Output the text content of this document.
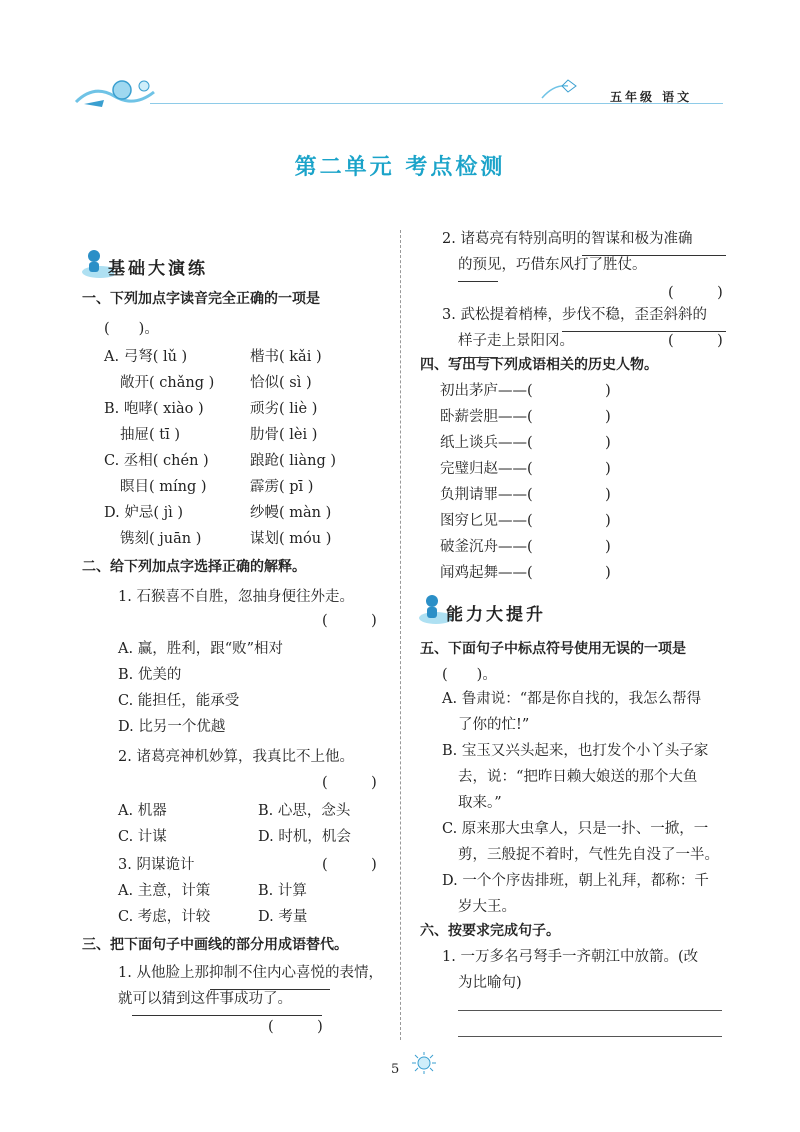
五年级 语文
第二单元 考点检测
基础大演练
能力大提升
一、下列加点字读音完全正确的一项是
(　　)。
A. 弓弩( lǔ )	楷书( kǎi )
敞开( chǎng ) 恰似( sì )
B. 咆哮( xiào )	顽劣( liè )
抽屉( tī )	肋骨( lèi )
C. 丞相( chén )	踉跄( liàng )
瞑目( míng )	霹雳( pī )
D. 妒忌( jì )	纱幔( màn )
镌刻( juān )	谋划( móu )
二、给下列加点字选择正确的解释。
1. 石猴喜不自胜，忽抽身便往外走。
(　　　)
A. 赢，胜利，跟“败”相对
B. 优美的
C. 能担任，能承受
D. 比另一个优越
2. 诸葛亮神机妙算，我真比不上他。
(　　　)
A. 机器	B. 心思，念头
C. 计谋	D. 时机，机会
3. 阴谋诡计	(　　　)
A. 主意，计策	B. 计算
C. 考虑，计较	D. 考量
三、把下面句子中画线的部分用成语替代。
1. 从他脸上那抑制不住内心喜悦的表情，
就可以猜到这件事成功了。
(　　　)
2. 诸葛亮有特别高明的智谋和极为准确
的预见，巧借东风打了胜仗。
(　　　)
3. 武松提着梢棒，步伐不稳，歪歪斜斜的
样子走上景阳冈。	(　　　)
四、写出与下列成语相关的历史人物。
初出茅庐——(　　　　　)
卧薪尝胆——(　　　　　)
纸上谈兵——(　　　　　)
完璧归赵——(　　　　　)
负荆请罪——(　　　　　)
图穷匕见——(　　　　　)
破釜沉舟——(　　　　　)
闻鸡起舞——(　　　　　)
五、下面句子中标点符号使用无误的一项是
(　　)。
A. 鲁肃说：“都是你自找的，我怎么帮得
了你的忙!”
B. 宝玉又兴头起来，也打发个小丫头子家
去，说：“把昨日赖大娘送的那个大鱼
取来。”
C. 原来那大虫拿人，只是一扑、一掀，一
剪，三般捉不着时，气性先自没了一半。
D. 一个个序齿排班，朝上礼拜，都称：千
岁大王。
六、按要求完成句子。
1. 一万多名弓弩手一齐朝江中放箭。(改
为比喻句)
5
